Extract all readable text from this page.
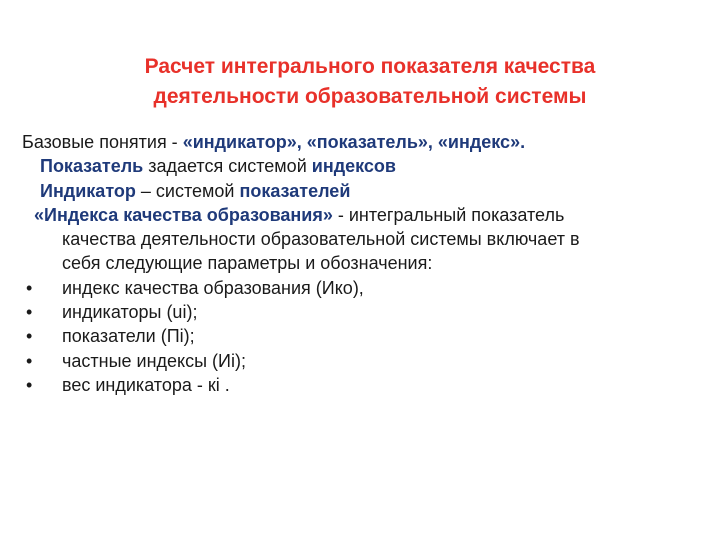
Расчет интегрального показателя качества
деятельности образовательной системы
Базовые понятия - «индикатор», «показатель», «индекс».
Показатель задается системой индексов
Индикатор – системой показателей
«Индекса качества образования» - интегральный показатель
качества деятельности образовательной системы включает в
себя следующие параметры и обозначения:
• индекс качества образования (Ико),
• индикаторы (ui);
• показатели (Пi);
• частные индексы (Иi);
• вес индикатора - кi .
